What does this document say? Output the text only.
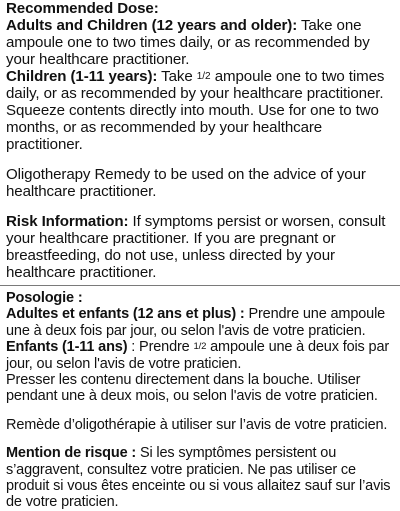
Recommended Dose:

Adults and Children (12 years and older): Take one ampoule one to two times daily, or as recommended by your healthcare practitioner.

Children (1-11 years): Take 1/2 ampoule one to two times daily, or as recommended by your healthcare practitioner. Squeeze contents directly into mouth. Use for one to two months, or as recommended by your healthcare practitioner.

Oligotherapy Remedy to be used on the advice of your healthcare practitioner.

Risk Information: If symptoms persist or worsen, consult your healthcare practitioner. If you are pregnant or breastfeeding, do not use, unless directed by your healthcare practitioner.

Posologie :

Adultes et enfants (12 ans et plus) : Prendre une ampoule une à deux fois par jour, ou selon l'avis de votre praticien.

Enfants (1-11 ans) : Prendre 1/2 ampoule une à deux fois par jour, ou selon l'avis de votre praticien.

Presser les contenu directement dans la bouche. Utiliser pendant une à deux mois, ou selon l'avis de votre praticien.

Remède d’oligothérapie à utiliser sur l’avis de votre praticien.

Mention de risque : Si les symptômes persistent ou s’aggravent, consultez votre praticien. Ne pas utiliser ce produit si vous êtes enceinte ou si vous allaitez sauf sur l’avis de votre praticien.
